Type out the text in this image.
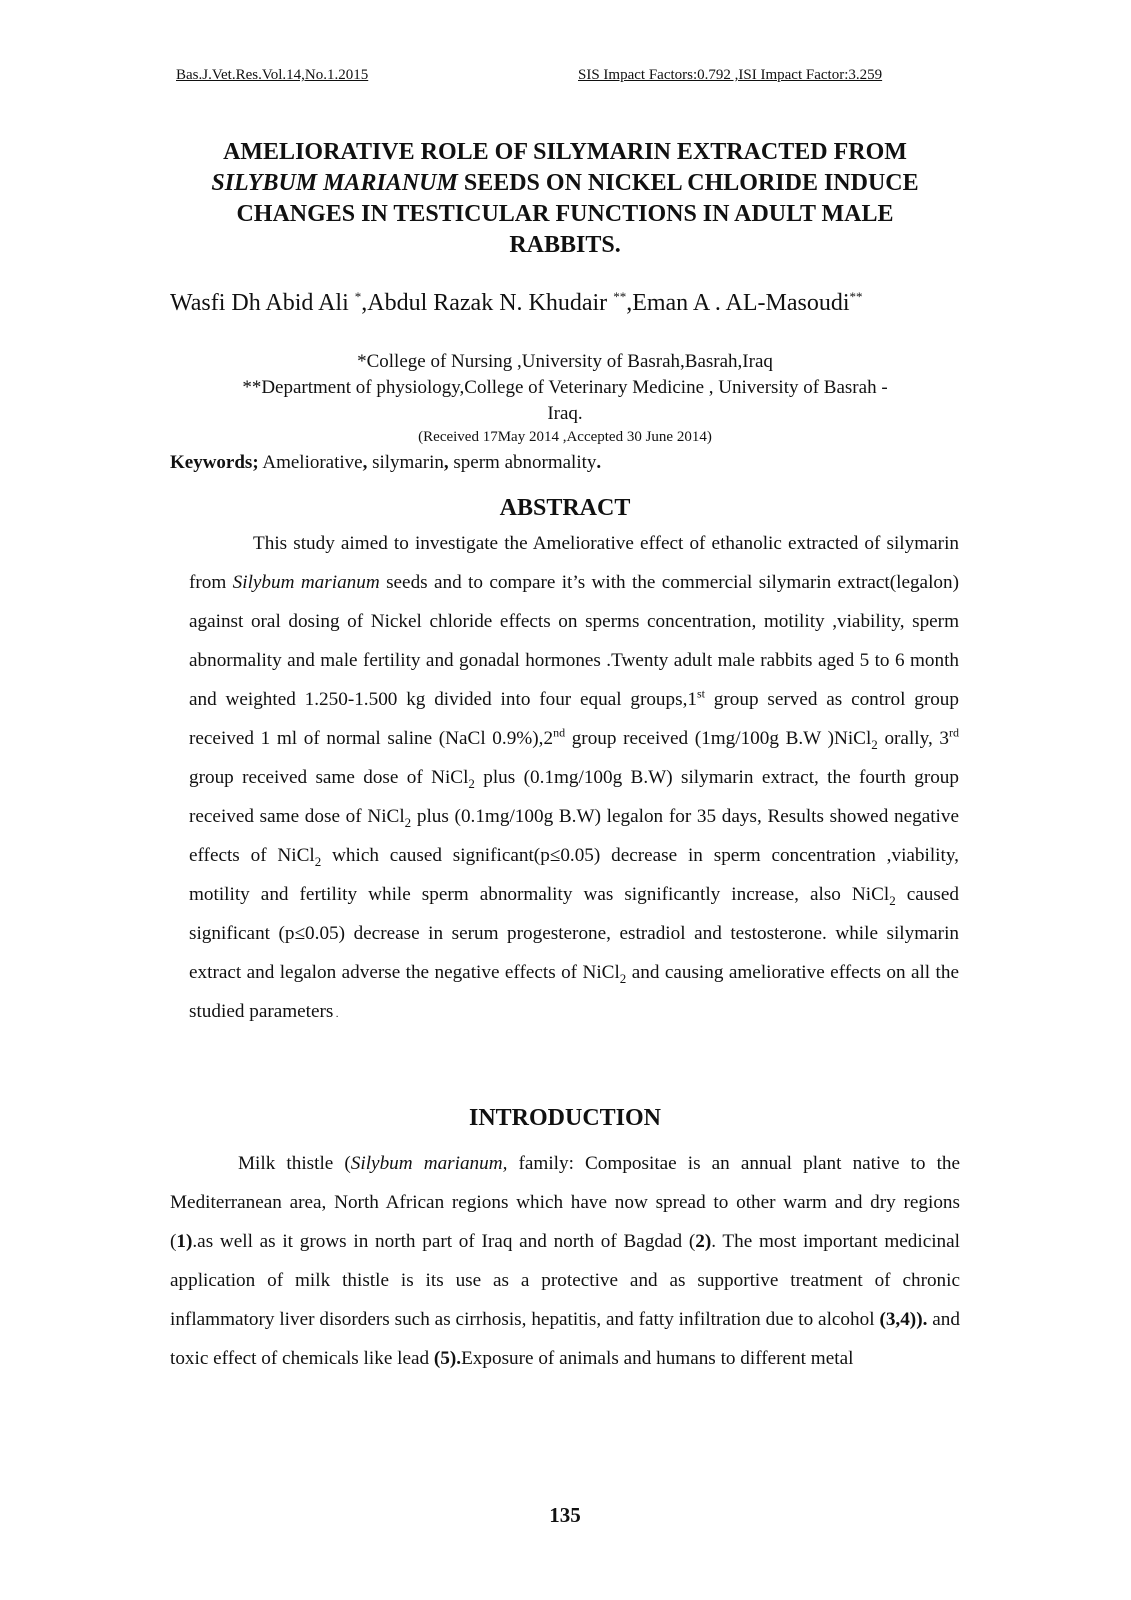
Bas.J.Vet.Res.Vol.14,No.1.2015	SIS Impact Factors:0.792 ,ISI Impact Factor:3.259
AMELIORATIVE ROLE OF SILYMARIN EXTRACTED FROM
SILYBUM MARIANUM SEEDS ON NICKEL CHLORIDE INDUCE
CHANGES IN TESTICULAR FUNCTIONS IN ADULT MALE
RABBITS.
Wasfi Dh Abid Ali *,Abdul Razak N. Khudair **,Eman A . AL-Masoudi**
*College of Nursing ,University of Basrah,Basrah,Iraq
**Department of physiology,College of Veterinary Medicine , University of Basrah -
Iraq.
(Received 17May 2014 ,Accepted 30 June 2014)
Keywords; Ameliorative, silymarin, sperm abnormality.
ABSTRACT
This study aimed to investigate the Ameliorative effect of ethanolic extracted of silymarin from Silybum marianum seeds and to compare it’s with the commercial silymarin extract(legalon) against oral dosing of Nickel chloride effects on sperms concentration, motility ,viability, sperm abnormality and male fertility and gonadal hormones .Twenty adult male rabbits aged 5 to 6 month and weighted 1.250-1.500 kg divided into four equal groups,1st group served as control group received 1 ml of normal saline (NaCl 0.9%),2nd group received (1mg/100g B.W )NiCl$_2$ orally, 3rd group received same dose of NiCl$_2$ plus (0.1mg/100g B.W) silymarin extract, the fourth group received same dose of NiCl$_2$ plus (0.1mg/100g B.W) legalon for 35 days, Results showed negative effects of NiCl$_2$ which caused significant(p≤0.05) decrease in sperm concentration ,viability, motility and fertility while sperm abnormality was significantly increase, also NiCl$_2$ caused significant (p≤0.05) decrease in serum progesterone, estradiol and testosterone. while silymarin extract and legalon adverse the negative effects of NiCl$_2$ and causing ameliorative effects on all the studied parameters .
INTRODUCTION
Milk thistle (Silybum marianum, family: Compositae is an annual plant native to the Mediterranean area, North African regions which have now spread to other warm and dry regions (1).as well as it grows in north part of Iraq and north of Bagdad (2). The most important medicinal application of milk thistle is its use as a protective and as supportive treatment of chronic inflammatory liver disorders such as cirrhosis, hepatitis, and fatty infiltration due to alcohol (3,4)). and toxic effect of chemicals like lead (5).Exposure of animals and humans to different metal
135
